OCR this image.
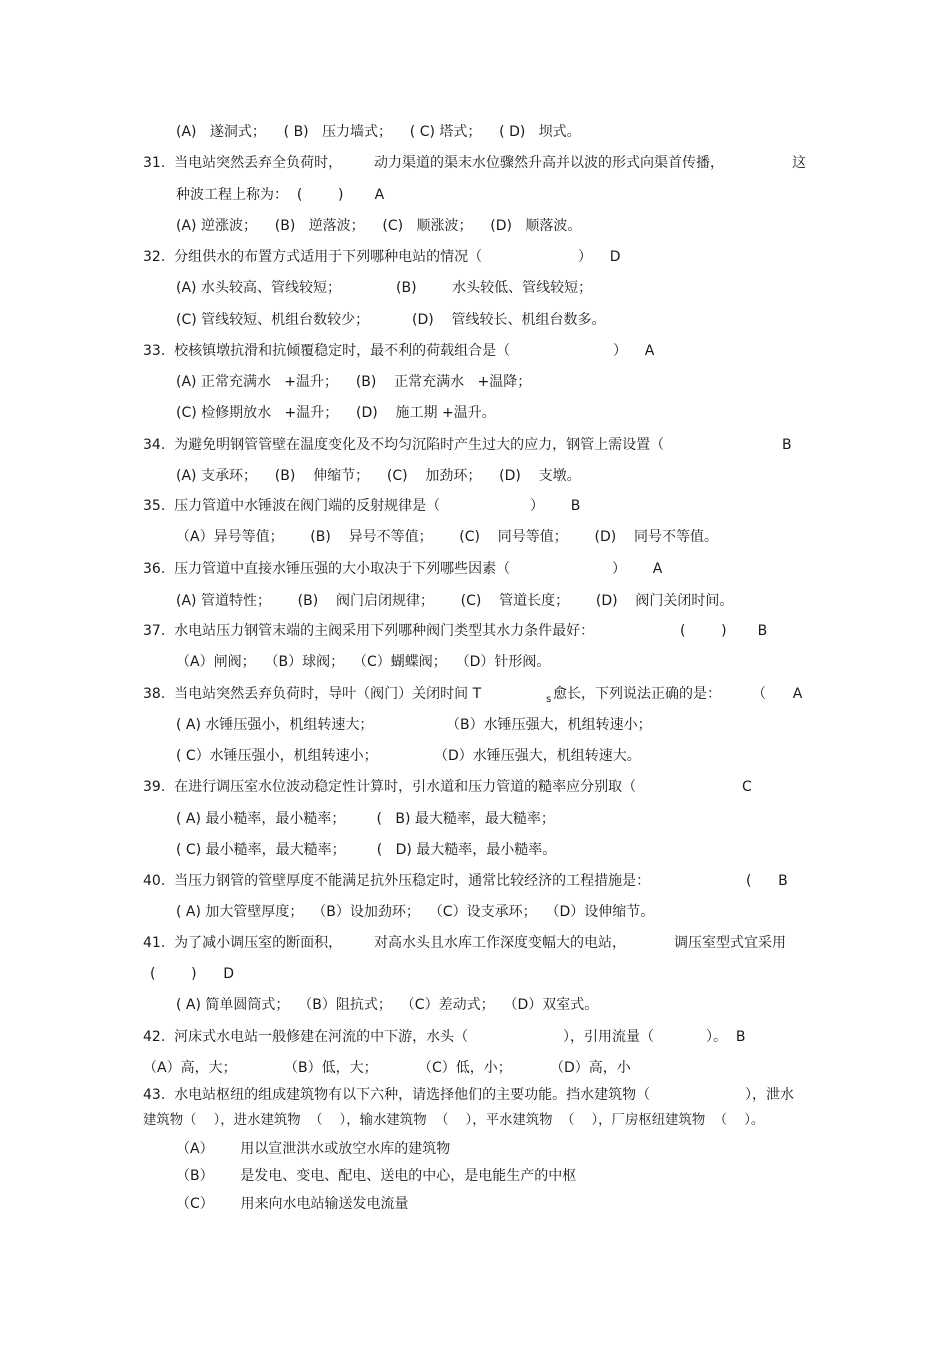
(A)   遂洞式；    ( B)   压力墙式；    ( C) 塔式；    ( D)   坝式。
31.  当电站突然丢弃全负荷时， 动力渠道的渠末水位骤然升高并以波的形式向渠首传播，	这
种波工程上称为：  (        )       A
(A) 逆涨波；    (B)   逆落波；    (C)   顺涨波；    (D)   顺落波。
32.  分组供水的布置方式适用于下列哪种电站的情况（	）    D
(A) 水头较高、管线较短；	(B)        水头较低、管线较短；
(C) 管线较短、机组台数较少；	(D)    管线较长、机组台数多。
33.  校核镇墩抗滑和抗倾覆稳定时，最不利的荷载组合是（	）    A
(A) 正常充满水   +温升；    (B)    正常充满水   +温降；
(C) 检修期放水   +温升；    (D)    施工期 +温升。
34.  为避免明钢管管壁在温度变化及不均匀沉陷时产生过大的应力，钢管上需设置（	B
(A) 支承环；    (B)    伸缩节；    (C)    加劲环；    (D)    支墩。
35.  压力管道中水锤波在阀门端的反射规律是（	）      B
（A）异号等值；      (B)    异号不等值；      (C)    同号等值；      (D)    同号不等值。
36.  压力管道中直接水锤压强的大小取决于下列哪些因素（	）      A
(A) 管道特性；      (B)    阀门启闭规律；      (C)    管道长度；      (D)    阀门关闭时间。
37.  水电站压力钢管末端的主阀采用下列哪种阀门类型其水力条件最好：	(        )       B
（A）闸阀；  （B）球阀；  （C）蝴蝶阀；  （D）针形阀。
38.  当电站突然丢弃负荷时，导叶（阀门）关闭时间 T	s 愈长，下列说法正确的是： （      A
( A) 水锤压强小，机组转速大；	（B）水锤压强大，机组转速小；
( C）水锤压强小，机组转速小；	（D）水锤压强大，机组转速大。
39.  在进行调压室水位波动稳定性计算时，引水道和压力管道的糙率应分别取（	C
( A) 最小糙率，最小糙率；       (   B) 最大糙率，最大糙率；
( C) 最小糙率，最大糙率；       (   D) 最大糙率，最小糙率。
40.  当压力钢管的管壁厚度不能满足抗外压稳定时，通常比较经济的工程措施是：	(      B
( A) 加大管壁厚度；  （B）设加劲环；  （C）设支承环；  （D）设伸缩节。
41.  为了减小调压室的断面积， 对高水头且水库工作深度变幅大的电站，	调压室型式宜采用
(        )      D
( A) 简单圆筒式；  （B）阻抗式；  （C）差动式；  （D）双室式。
42.  河床式水电站一般修建在河流的中下游，水头（	），引用流量（	）。  B
（A）高，大；	（B）低，大；	（C）低，小；	（D）高，小
43.  水电站枢纽的组成建筑物有以下六种，请选择他们的主要功能。挡水建筑物（	），泄水
建筑物（    ），进水建筑物  （    ），输水建筑物  （    ），平水建筑物  （    ），厂房枢纽建筑物  （    ）。
（A）      用以宣泄洪水或放空水库的建筑物
（B）      是发电、变电、配电、送电的中心，是电能生产的中枢
（C）      用来向水电站输送发电流量
